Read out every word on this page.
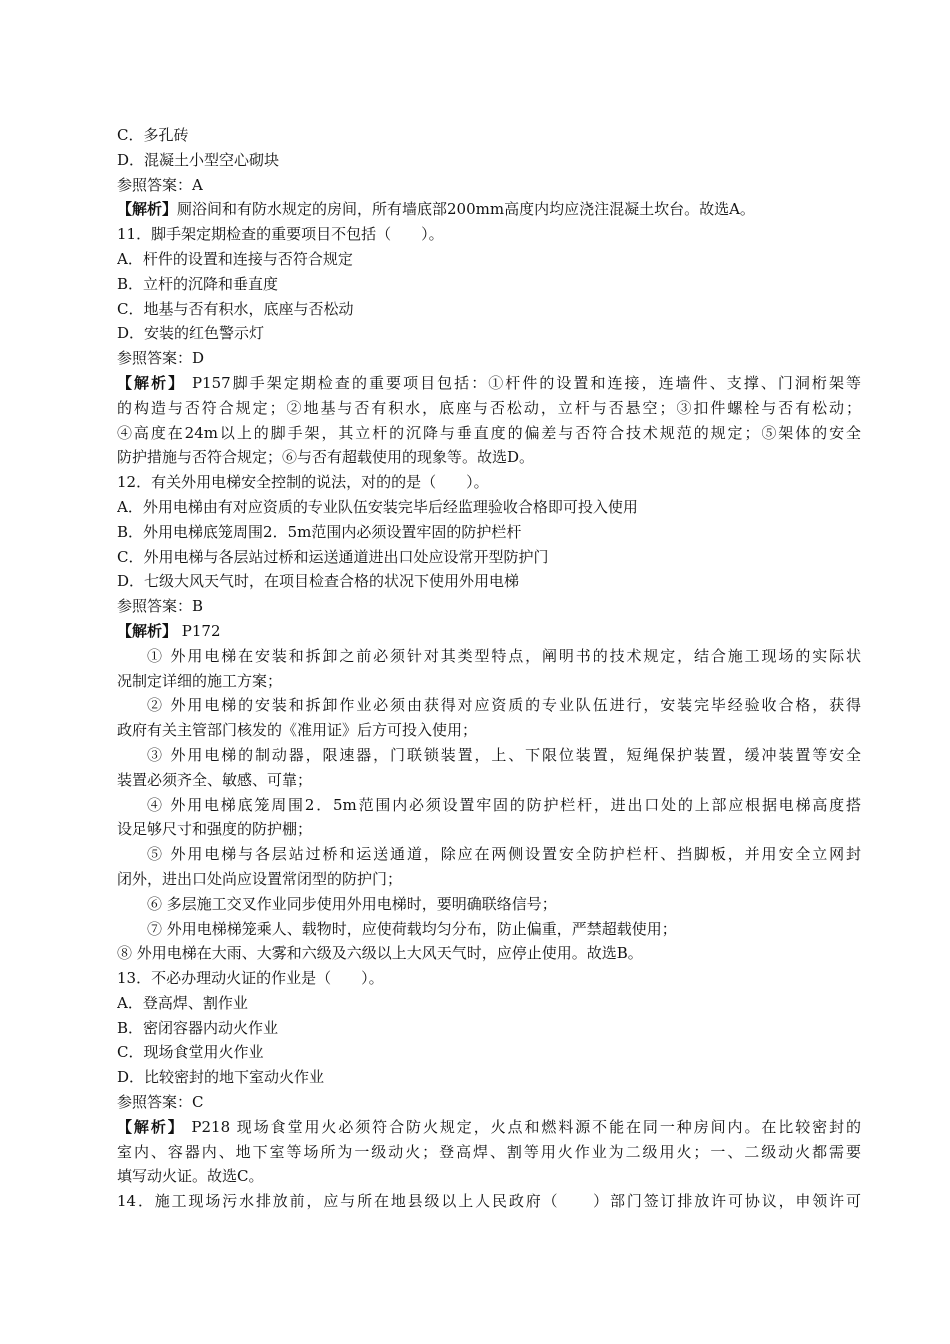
C．多孔砖
D．混凝土小型空心砌块
参照答案：A
【解析】厕浴间和有防水规定的房间，所有墙底部200mm高度内均应浇注混凝土坎台。故选A。
11．脚手架定期检查的重要项目不包括（　　）。
A．杆件的设置和连接与否符合规定
B．立杆的沉降和垂直度
C．地基与否有积水，底座与否松动
D．安装的红色警示灯
参照答案：D
【解析】 P157脚手架定期检查的重要项目包括：①杆件的设置和连接，连墙件、支撑、门洞桁架等
的构造与否符合规定；②地基与否有积水，底座与否松动，立杆与否悬空；③扣件螺栓与否有松动；
④高度在24m以上的脚手架，其立杆的沉降与垂直度的偏差与否符合技术规范的规定；⑤架体的安全
防护措施与否符合规定；⑥与否有超载使用的现象等。故选D。
12．有关外用电梯安全控制的说法，对的的是（　　）。
A．外用电梯由有对应资质的专业队伍安装完毕后经监理验收合格即可投入使用
B．外用电梯底笼周围2．5m范围内必须设置牢固的防护栏杆
C．外用电梯与各层站过桥和运送通道进出口处应设常开型防护门
D．七级大风天气时，在项目检查合格的状况下使用外用电梯
参照答案：B
【解析】 P172
① 外用电梯在安装和拆卸之前必须针对其类型特点，阐明书的技术规定，结合施工现场的实际状
况制定详细的施工方案；
② 外用电梯的安装和拆卸作业必须由获得对应资质的专业队伍进行，安装完毕经验收合格，获得
政府有关主管部门核发的《准用证》后方可投入使用；
③ 外用电梯的制动器，限速器，门联锁装置，上、下限位装置，短绳保护装置，缓冲装置等安全
装置必须齐全、敏感、可靠；
④ 外用电梯底笼周围2．5m范围内必须设置牢固的防护栏杆，进出口处的上部应根据电梯高度搭
设足够尺寸和强度的防护棚；
⑤ 外用电梯与各层站过桥和运送通道，除应在两侧设置安全防护栏杆、挡脚板，并用安全立网封
闭外，进出口处尚应设置常闭型的防护门；
⑥ 多层施工交叉作业同步使用外用电梯时，要明确联络信号；
⑦ 外用电梯梯笼乘人、载物时，应使荷载均匀分布，防止偏重，严禁超载使用；
⑧ 外用电梯在大雨、大雾和六级及六级以上大风天气时，应停止使用。故选B。
13．不必办理动火证的作业是（　　）。
A．登高焊、割作业
B．密闭容器内动火作业
C．现场食堂用火作业
D．比较密封的地下室动火作业
参照答案：C
【解析】 P218 现场食堂用火必须符合防火规定，火点和燃料源不能在同一种房间内。在比较密封的
室内、容器内、地下室等场所为一级动火；登高焊、割等用火作业为二级用火；一、二级动火都需要
填写动火证。故选C。
14．施工现场污水排放前，应与所在地县级以上人民政府（　　）部门签订排放许可协议，申领许可
